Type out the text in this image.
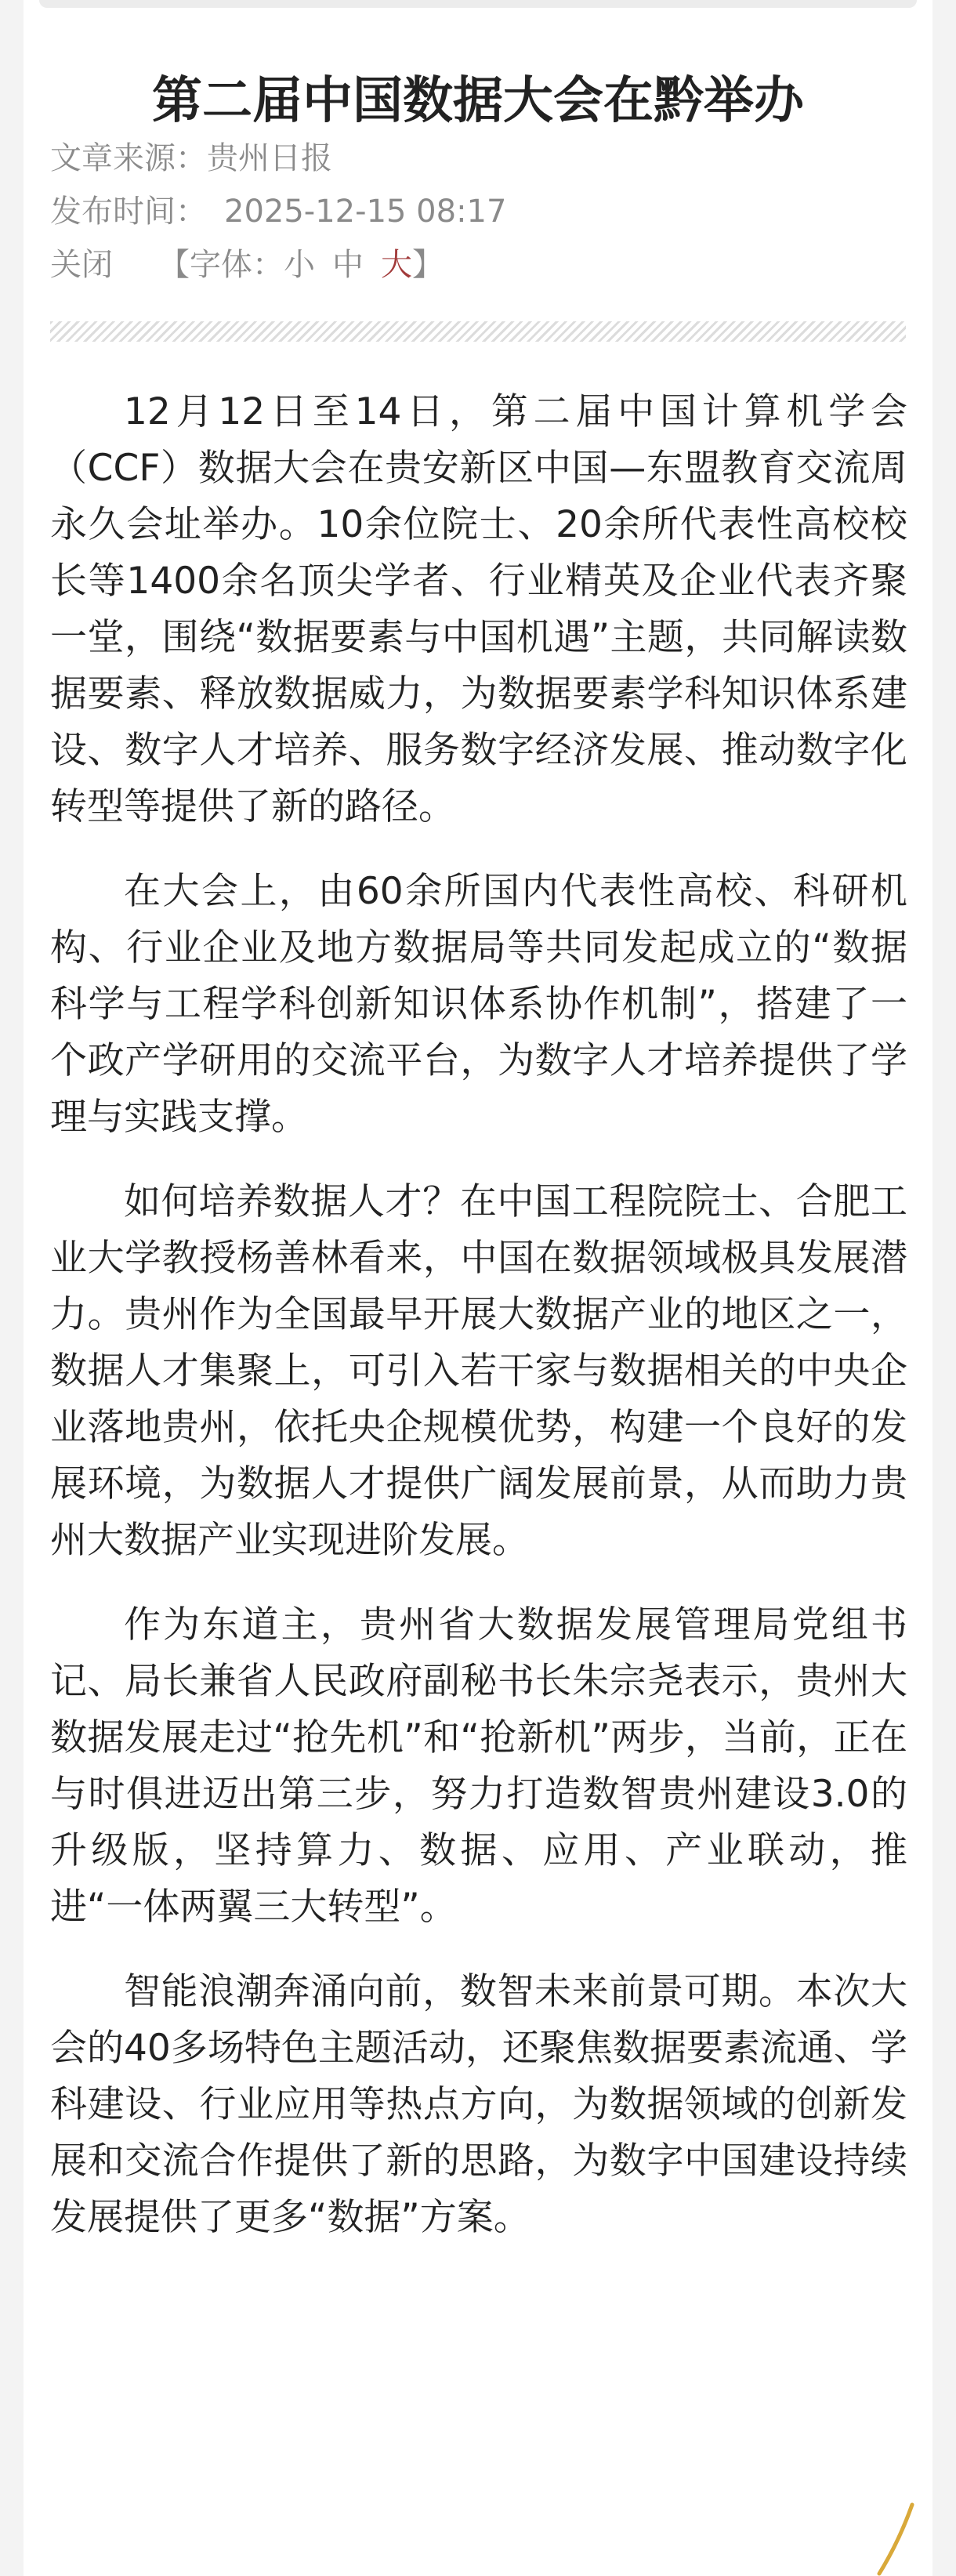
第二届中国数据大会在黔举办
文章来源：贵州日报
发布时间： 2025-12-15 08:17
关闭 【字体：小 中 大】

12月12日至14日，第二届中国计算机学会（CCF）数据大会在贵安新区中国—东盟教育交流周永久会址举办。10余位院士、20余所代表性高校校长等1400余名顶尖学者、行业精英及企业代表齐聚一堂，围绕“数据要素与中国机遇”主题，共同解读数据要素、释放数据威力，为数据要素学科知识体系建设、数字人才培养、服务数字经济发展、推动数字化转型等提供了新的路径。

在大会上，由60余所国内代表性高校、科研机构、行业企业及地方数据局等共同发起成立的“数据科学与工程学科创新知识体系协作机制”，搭建了一个政产学研用的交流平台，为数字人才培养提供了学理与实践支撑。

如何培养数据人才？在中国工程院院士、合肥工业大学教授杨善林看来，中国在数据领域极具发展潜力。贵州作为全国最早开展大数据产业的地区之一，数据人才集聚上，可引入若干家与数据相关的中央企业落地贵州，依托央企规模优势，构建一个良好的发展环境，为数据人才提供广阔发展前景，从而助力贵州大数据产业实现进阶发展。

作为东道主，贵州省大数据发展管理局党组书记、局长兼省人民政府副秘书长朱宗尧表示，贵州大数据发展走过“抢先机”和“抢新机”两步，当前，正在与时俱进迈出第三步，努力打造数智贵州建设3.0的升级版，坚持算力、数据、应用、产业联动，推进“一体两翼三大转型”。

智能浪潮奔涌向前，数智未来前景可期。本次大会的40多场特色主题活动，还聚焦数据要素流通、学科建设、行业应用等热点方向，为数据领域的创新发展和交流合作提供了新的思路，为数字中国建设持续发展提供了更多“数据”方案。
